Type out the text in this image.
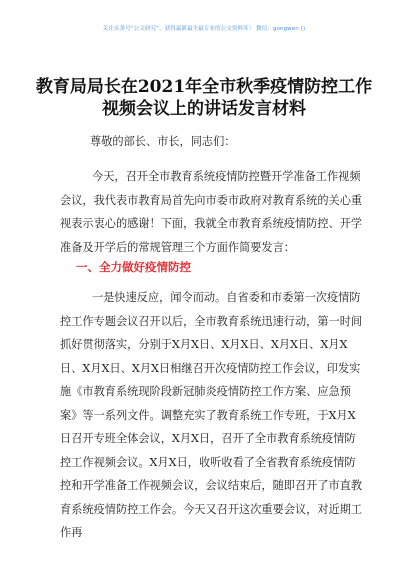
关注头条号“公文研究”，获得最新最全最专业的公文资料库！ 微信：gongwen ()
教育局局长在2021年全市秋季疫情防控工作视频会议上的讲话发言材料
尊敬的部长、市长，同志们：
今天，召开全市教育系统疫情防控暨开学准备工作视频会议，我代表市教育局首先向市委市政府对教育系统的关心重视表示衷心的感谢！下面，我就全市教育系统疫情防控、开学准备及开学后的常规管理三个方面作简要发言：
一、全力做好疫情防控
一是快速反应，闻令而动。自省委和市委第一次疫情防控工作专题会议召开以后，全市教育系统迅速行动，第一时间抓好贯彻落实，分别于X月X日、X月X日、X月X日、X月X日、X月X日、X月X日相继召开次疫情防控工作会议，印发实施《市教育系统现阶段新冠肺炎疫情防控工作方案、应急预案》等一系列文件。调整充实了教育系统工作专班，于X月X日召开专班全体会议，X月X日，召开了全市教育系统疫情防控工作视频会议。X月X日，收听收看了全省教育系统疫情防控和开学准备工作视频会议，会议结束后，随即召开了市直教育系统疫情防控工作会。今天又召开这次重要会议，对近期工作再
